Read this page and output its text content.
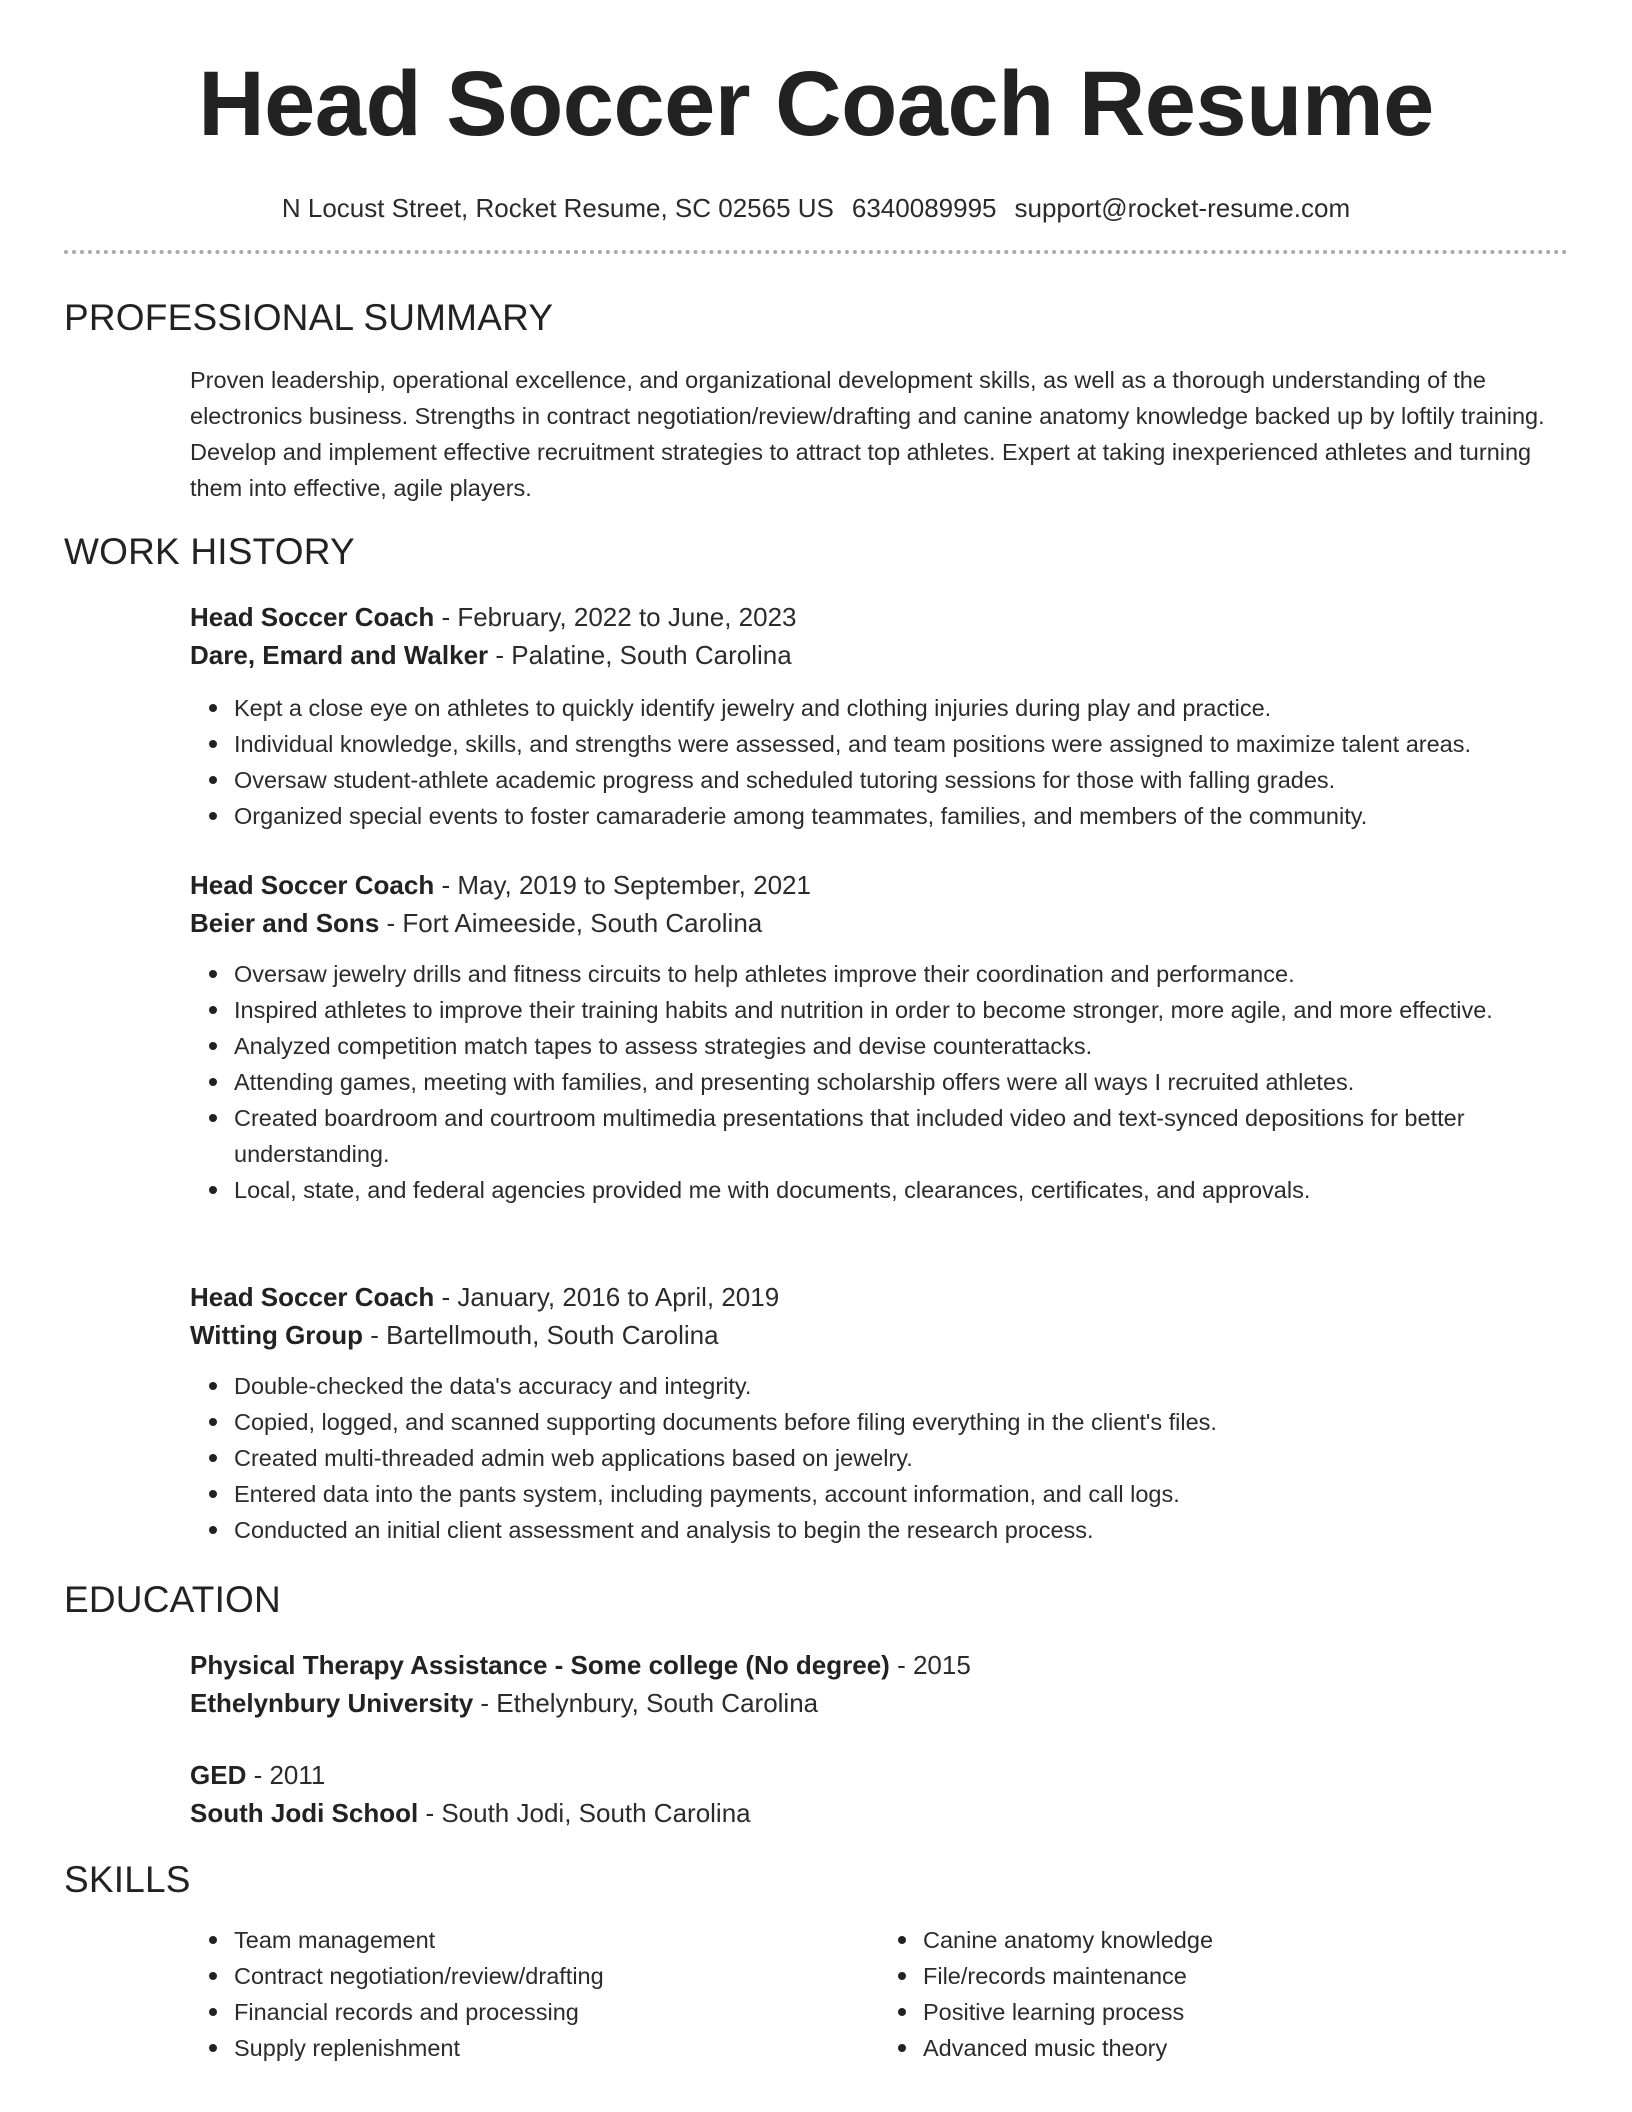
Head Soccer Coach Resume
N Locust Street, Rocket Resume, SC 02565 US 6340089995 support@rocket-resume.com
PROFESSIONAL SUMMARY

Proven leadership, operational excellence, and organizational development skills, as well as a thorough understanding of the electronics business. Strengths in contract negotiation/review/drafting and canine anatomy knowledge backed up by loftily training. Develop and implement effective recruitment strategies to attract top athletes. Expert at taking inexperienced athletes and turning them into effective, agile players.

WORK HISTORY
Head Soccer Coach - February, 2022 to June, 2023
Dare, Emard and Walker - Palatine, South Carolina
Kept a close eye on athletes to quickly identify jewelry and clothing injuries during play and practice.
Individual knowledge, skills, and strengths were assessed, and team positions were assigned to maximize talent areas.
Oversaw student-athlete academic progress and scheduled tutoring sessions for those with falling grades.
Organized special events to foster camaraderie among teammates, families, and members of the community.
Head Soccer Coach - May, 2019 to September, 2021
Beier and Sons - Fort Aimeeside, South Carolina
Oversaw jewelry drills and fitness circuits to help athletes improve their coordination and performance.
Inspired athletes to improve their training habits and nutrition in order to become stronger, more agile, and more effective.
Analyzed competition match tapes to assess strategies and devise counterattacks.
Attending games, meeting with families, and presenting scholarship offers were all ways I recruited athletes.
Created boardroom and courtroom multimedia presentations that included video and text-synced depositions for better understanding.
Local, state, and federal agencies provided me with documents, clearances, certificates, and approvals.
Head Soccer Coach - January, 2016 to April, 2019
Witting Group - Bartellmouth, South Carolina
Double-checked the data's accuracy and integrity.
Copied, logged, and scanned supporting documents before filing everything in the client's files.
Created multi-threaded admin web applications based on jewelry.
Entered data into the pants system, including payments, account information, and call logs.
Conducted an initial client assessment and analysis to begin the research process.
EDUCATION
Physical Therapy Assistance - Some college (No degree) - 2015
Ethelynbury University - Ethelynbury, South Carolina
GED - 2011
South Jodi School - South Jodi, South Carolina
SKILLS
Team management
Contract negotiation/review/drafting
Financial records and processing
Supply replenishment
Canine anatomy knowledge
File/records maintenance
Positive learning process
Advanced music theory
